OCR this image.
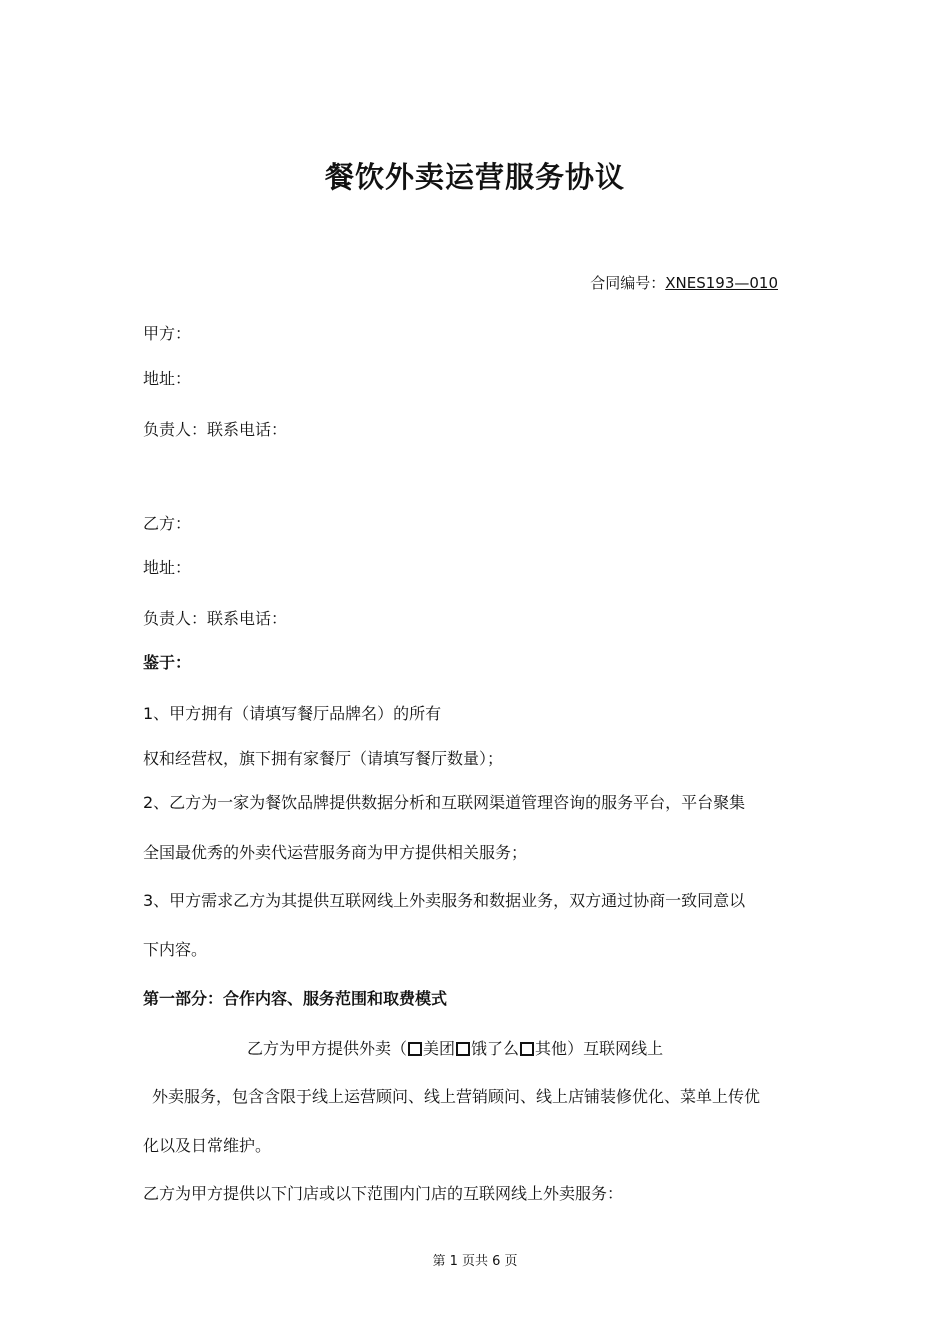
餐饮外卖运营服务协议
合同编号：XNES193—010
甲方：
地址：
负责人：联系电话：
乙方：
地址：
负责人：联系电话：
鉴于：
1、甲方拥有（请填写餐厅品牌名）的所有
权和经营权，旗下拥有家餐厅（请填写餐厅数量）；
2、乙方为一家为餐饮品牌提供数据分析和互联网渠道管理咨询的服务平台，平台聚集
全国最优秀的外卖代运营服务商为甲方提供相关服务；
3、甲方需求乙方为其提供互联网线上外卖服务和数据业务，双方通过协商一致同意以
下内容。
第一部分：合作内容、服务范围和取费模式
乙方为甲方提供外卖（ 美团 饿了么 其他）互联网线上
外卖服务，包含含限于线上运营顾问、线上营销顾问、线上店铺装修优化、菜单上传优
化以及日常维护。
乙方为甲方提供以下门店或以下范围内门店的互联网线上外卖服务：
第 1 页共 6 页
